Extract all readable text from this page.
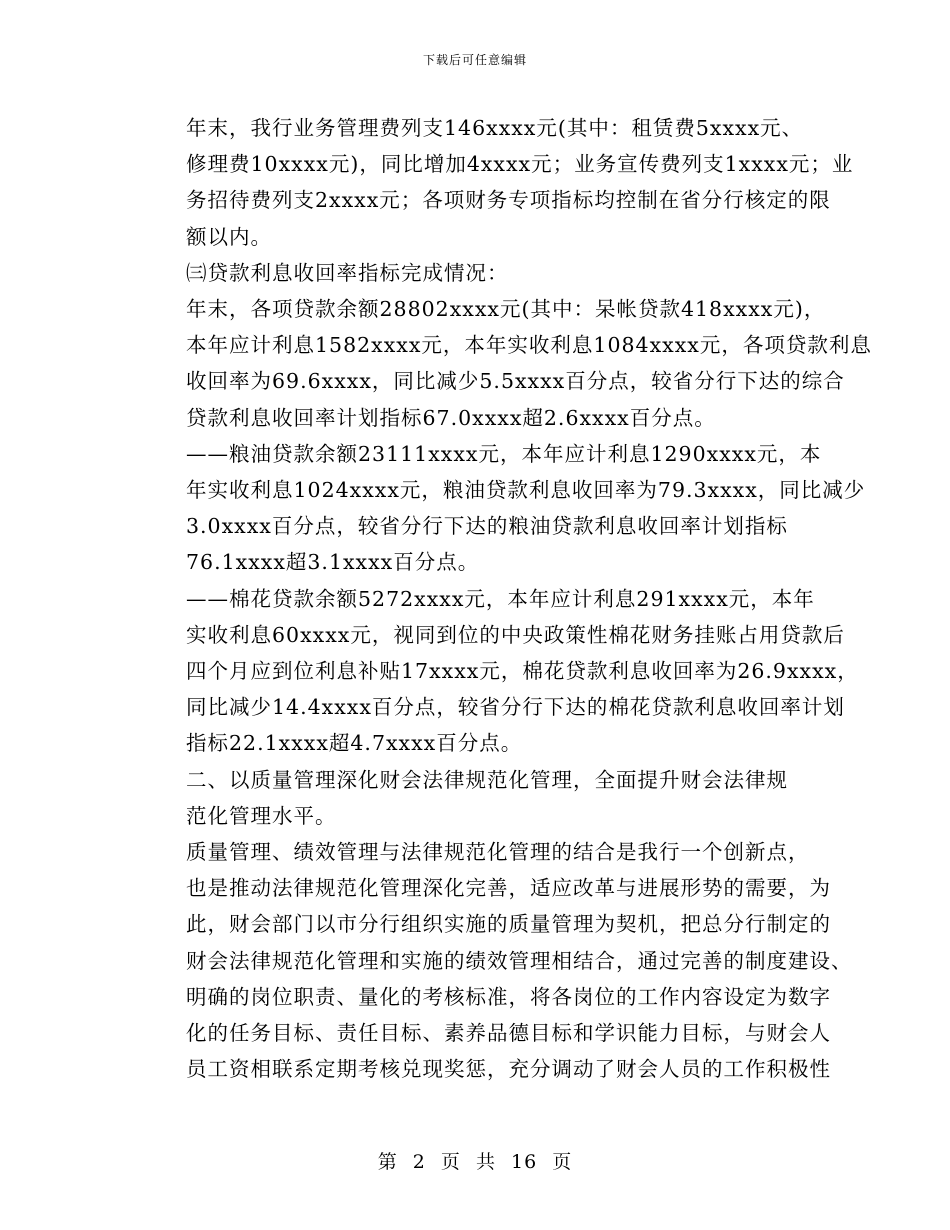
下载后可任意编辑

年末，我行业务管理费列支146xxxx元(其中：租赁费5xxxx元、
修理费10xxxx元)，同比增加4xxxx元；业务宣传费列支1xxxx元；业
务招待费列支2xxxx元；各项财务专项指标均控制在省分行核定的限
额以内。

㈢贷款利息收回率指标完成情况：

年末，各项贷款余额28802xxxx元(其中：呆帐贷款418xxxx元)，
本年应计利息1582xxxx元，本年实收利息1084xxxx元，各项贷款利息
收回率为69.6xxxx，同比减少5.5xxxx百分点，较省分行下达的综合
贷款利息收回率计划指标67.0xxxx超2.6xxxx百分点。

——粮油贷款余额23111xxxx元，本年应计利息1290xxxx元，本
年实收利息1024xxxx元，粮油贷款利息收回率为79.3xxxx，同比减少
3.0xxxx百分点，较省分行下达的粮油贷款利息收回率计划指标
76.1xxxx超3.1xxxx百分点。

——棉花贷款余额5272xxxx元，本年应计利息291xxxx元，本年
实收利息60xxxx元，视同到位的中央政策性棉花财务挂账占用贷款后
四个月应到位利息补贴17xxxx元，棉花贷款利息收回率为26.9xxxx，
同比减少14.4xxxx百分点，较省分行下达的棉花贷款利息收回率计划
指标22.1xxxx超4.7xxxx百分点。

二、以质量管理深化财会法律规范化管理，全面提升财会法律规
范化管理水平。

质量管理、绩效管理与法律规范化管理的结合是我行一个创新点，
也是推动法律规范化管理深化完善，适应改革与进展形势的需要，为
此，财会部门以市分行组织实施的质量管理为契机，把总分行制定的
财会法律规范化管理和实施的绩效管理相结合，通过完善的制度建设、
明确的岗位职责、量化的考核标准，将各岗位的工作内容设定为数字
化的任务目标、责任目标、素养品德目标和学识能力目标，与财会人
员工资相联系定期考核兑现奖惩，充分调动了财会人员的工作积极性

第 2 页 共 16 页
